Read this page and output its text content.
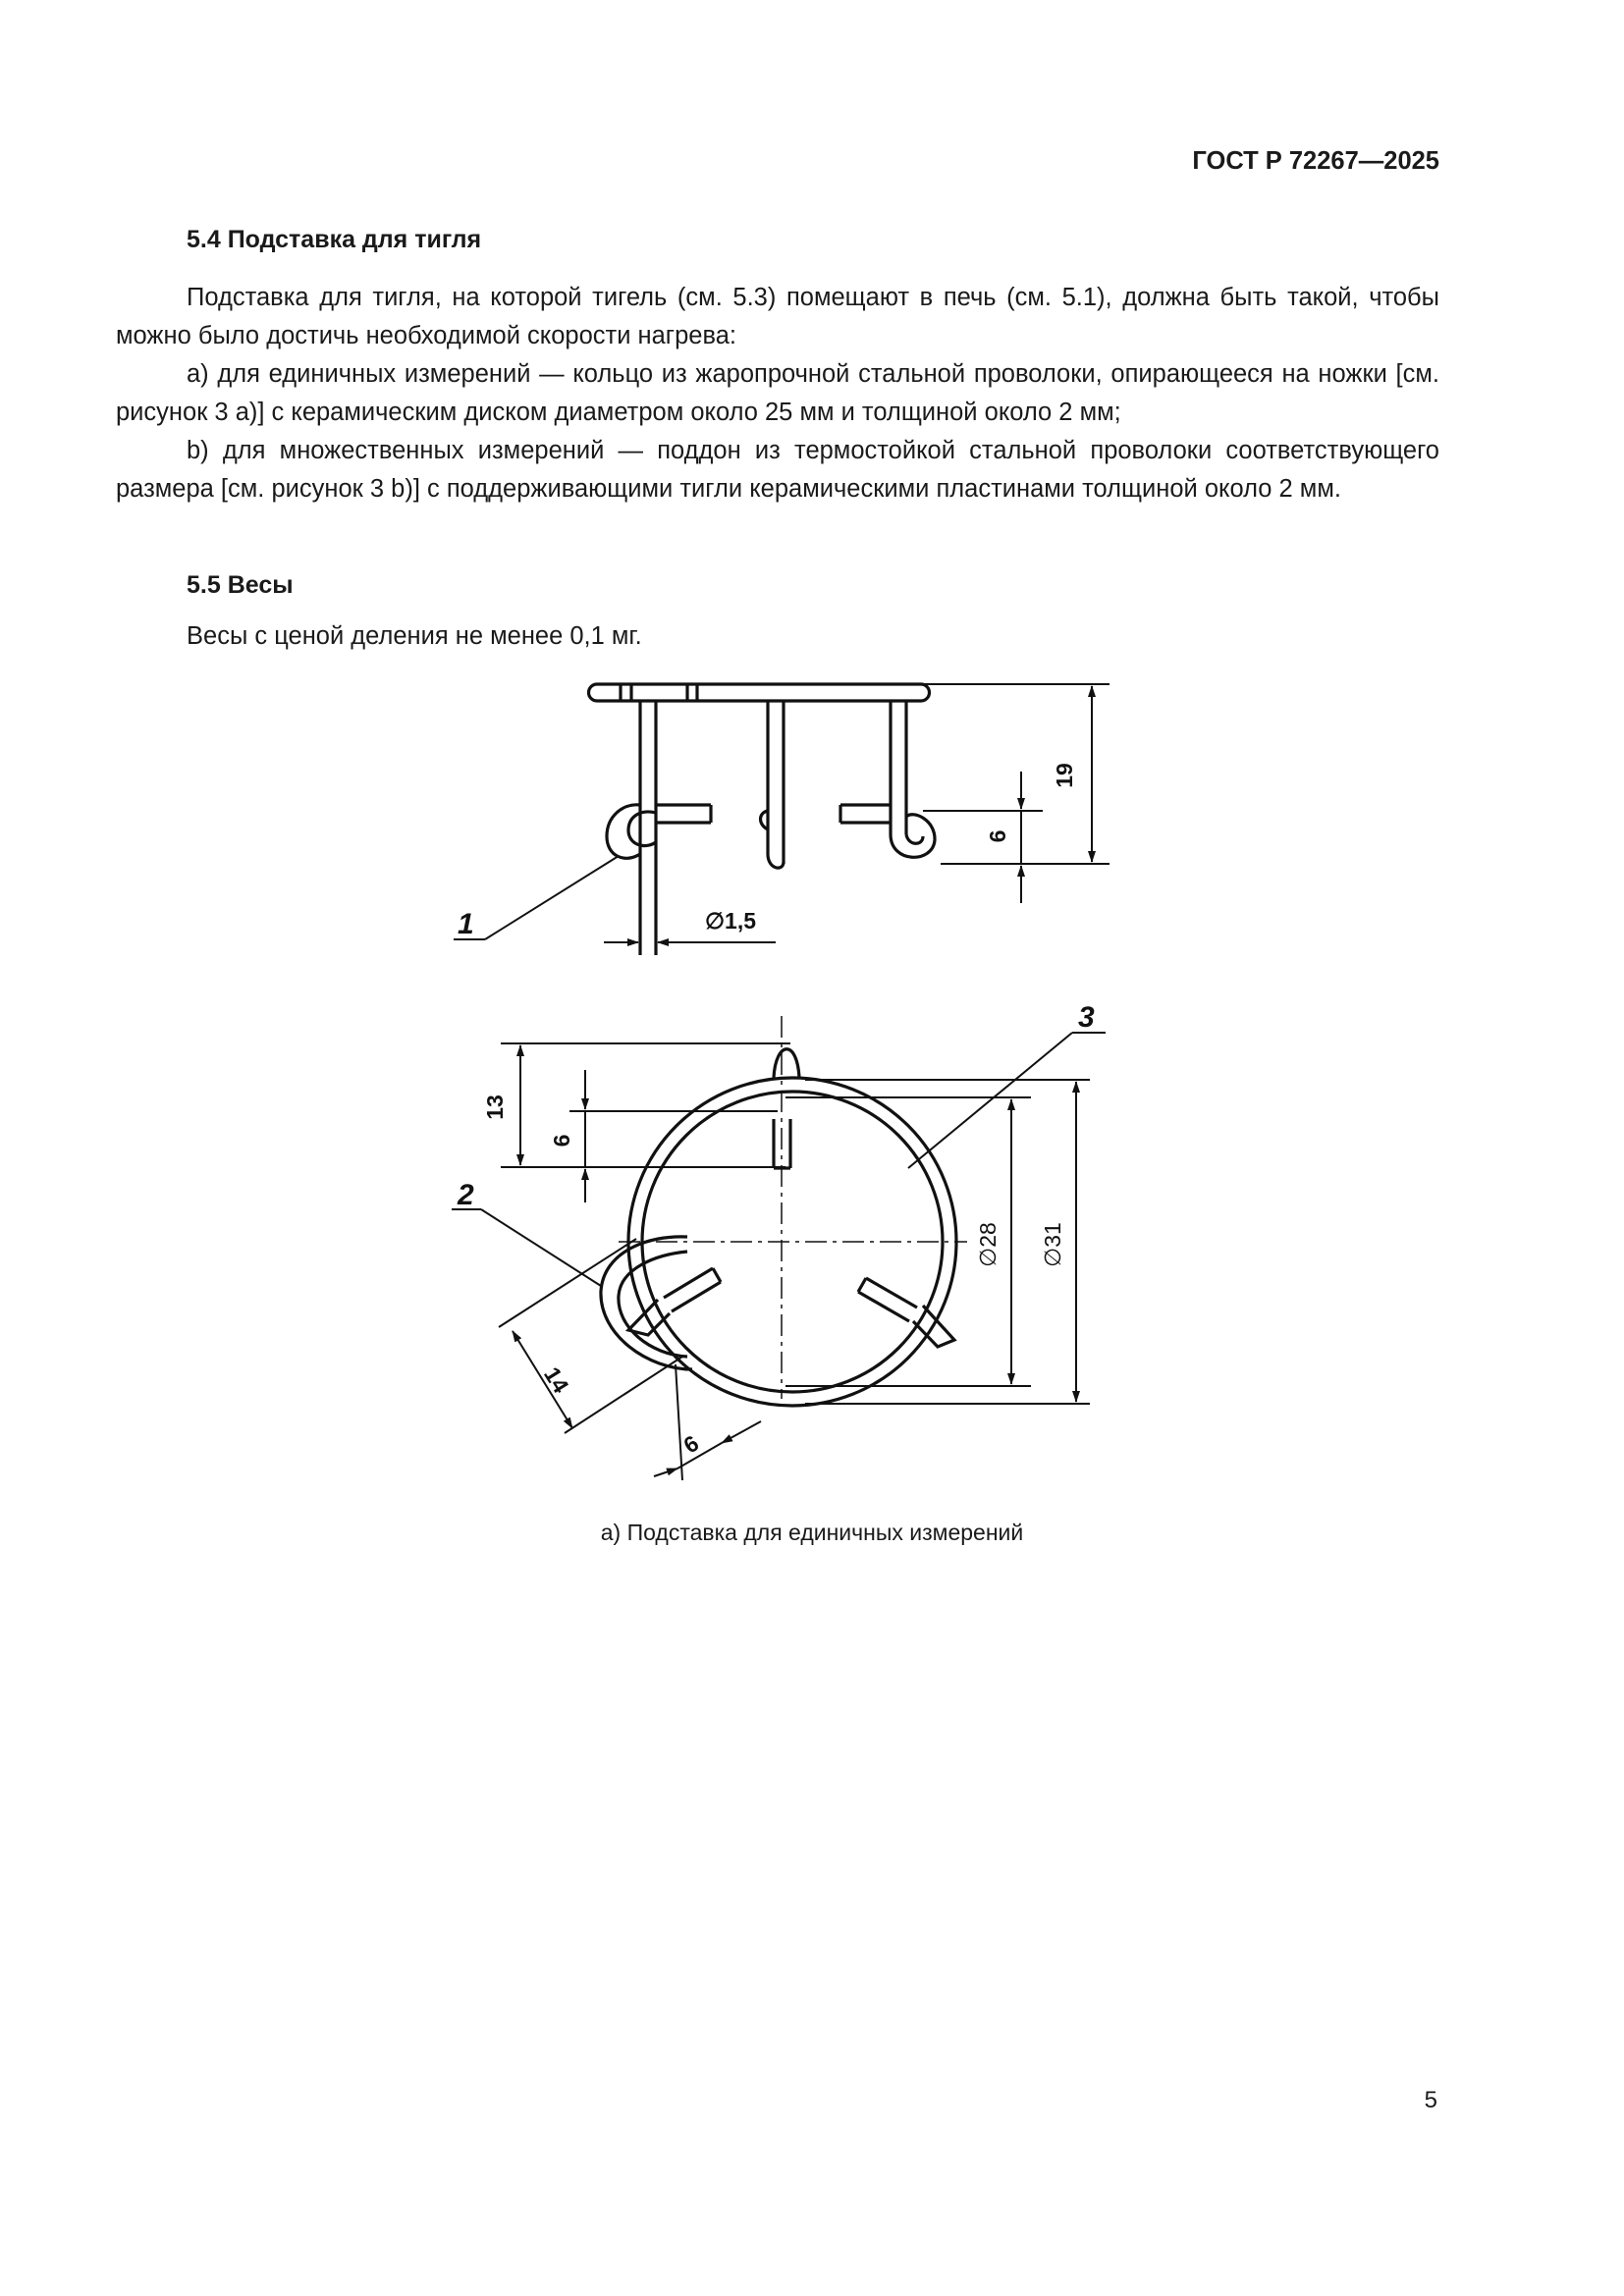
ГОСТ Р 72267—2025
5.4 Подставка для тигля

Подставка для тигля, на которой тигель (см. 5.3) помещают в печь (см. 5.1), должна быть такой, чтобы можно было достичь необходимой скорости нагрева:

а) для единичных измерений — кольцо из жаропрочной стальной проволоки, опирающееся на ножки [см. рисунок 3 a)] с керамическим диском диаметром около 25 мм и толщиной около 2 мм;

b) для множественных измерений — поддон из термостойкой стальной проволоки соответствующего размера [см. рисунок 3 b)] с поддерживающими тигли керамическими пластинами толщиной около 2 мм.

5.5 Весы

Весы с ценой деления не менее 0,1 мг.

19
6
∅1,5
1
13
6
∅28 ∅31
14
6
2
3
а) Подставка для единичных измерений
5
